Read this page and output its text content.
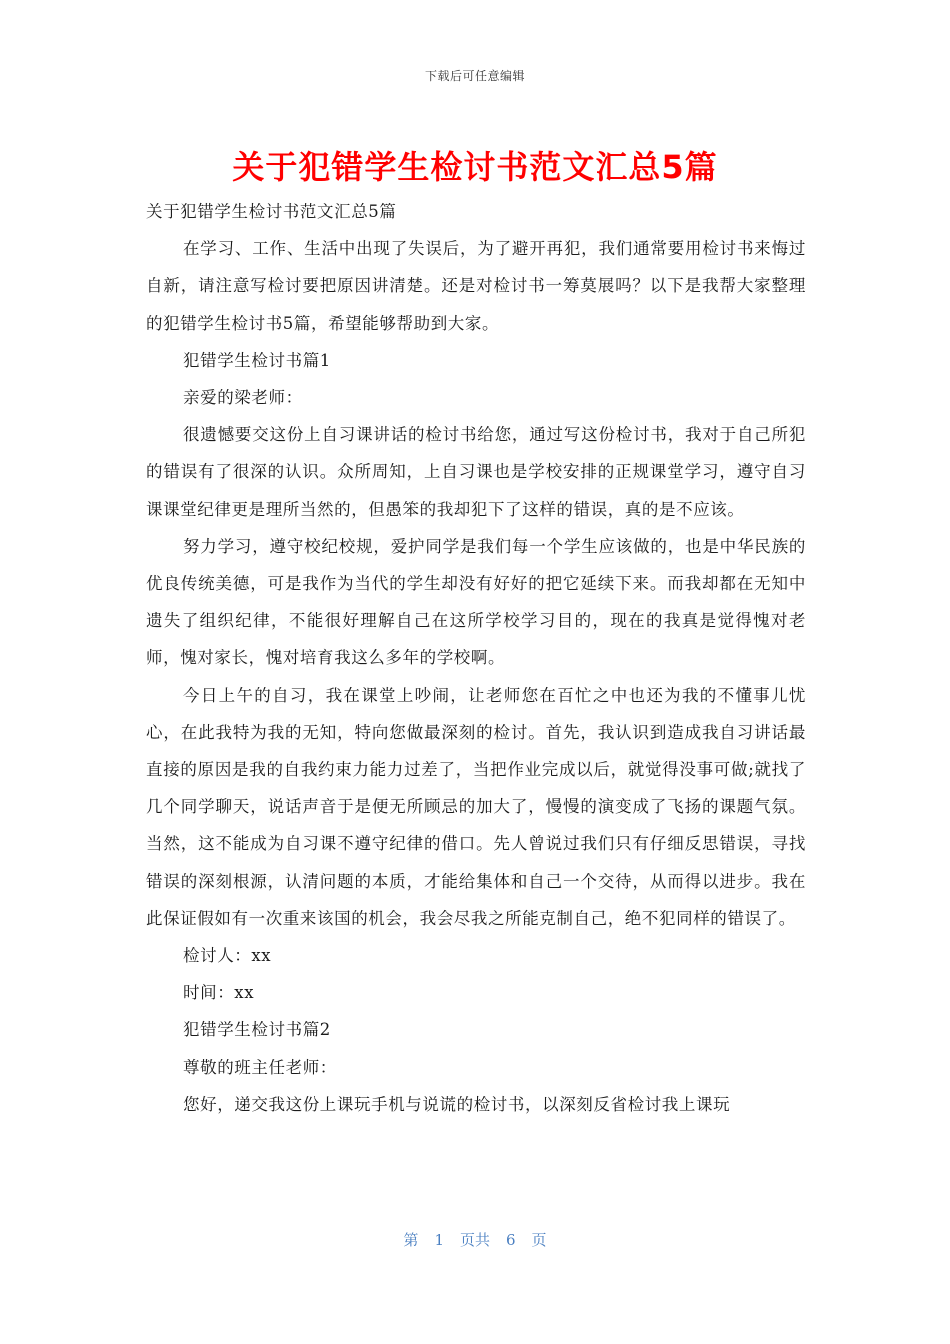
下载后可任意编辑
关于犯错学生检讨书范文汇总5篇

关于犯错学生检讨书范文汇总5篇

在学习、工作、生活中出现了失误后，为了避开再犯，我们通常要用检讨书来悔过自新，请注意写检讨要把原因讲清楚。还是对检讨书一筹莫展吗？以下是我帮大家整理的犯错学生检讨书5篇，希望能够帮助到大家。

犯错学生检讨书篇1

亲爱的梁老师：

很遗憾要交这份上自习课讲话的检讨书给您，通过写这份检讨书，我对于自己所犯的错误有了很深的认识。众所周知，上自习课也是学校安排的正规课堂学习，遵守自习课课堂纪律更是理所当然的，但愚笨的我却犯下了这样的错误，真的是不应该。

努力学习，遵守校纪校规，爱护同学是我们每一个学生应该做的，也是中华民族的优良传统美德，可是我作为当代的学生却没有好好的把它延续下来。而我却都在无知中遗失了组织纪律，不能很好理解自己在这所学校学习目的，现在的我真是觉得愧对老师，愧对家长，愧对培育我这么多年的学校啊。

今日上午的自习，我在课堂上吵闹，让老师您在百忙之中也还为我的不懂事儿忧心，在此我特为我的无知，特向您做最深刻的检讨。首先，我认识到造成我自习讲话最直接的原因是我的自我约束力能力过差了，当把作业完成以后，就觉得没事可做;就找了几个同学聊天，说话声音于是便无所顾忌的加大了，慢慢的演变成了飞扬的课题气氛。当然，这不能成为自习课不遵守纪律的借口。先人曾说过我们只有仔细反思错误，寻找错误的深刻根源，认清问题的本质，才能给集体和自己一个交待，从而得以进步。我在此保证假如有一次重来该国的机会，我会尽我之所能克制自己，绝不犯同样的错误了。

检讨人：xx

时间：xx

犯错学生检讨书篇2

尊敬的班主任老师：

您好，递交我这份上课玩手机与说谎的检讨书，以深刻反省检讨我上课玩

第 1 页共 6 页
